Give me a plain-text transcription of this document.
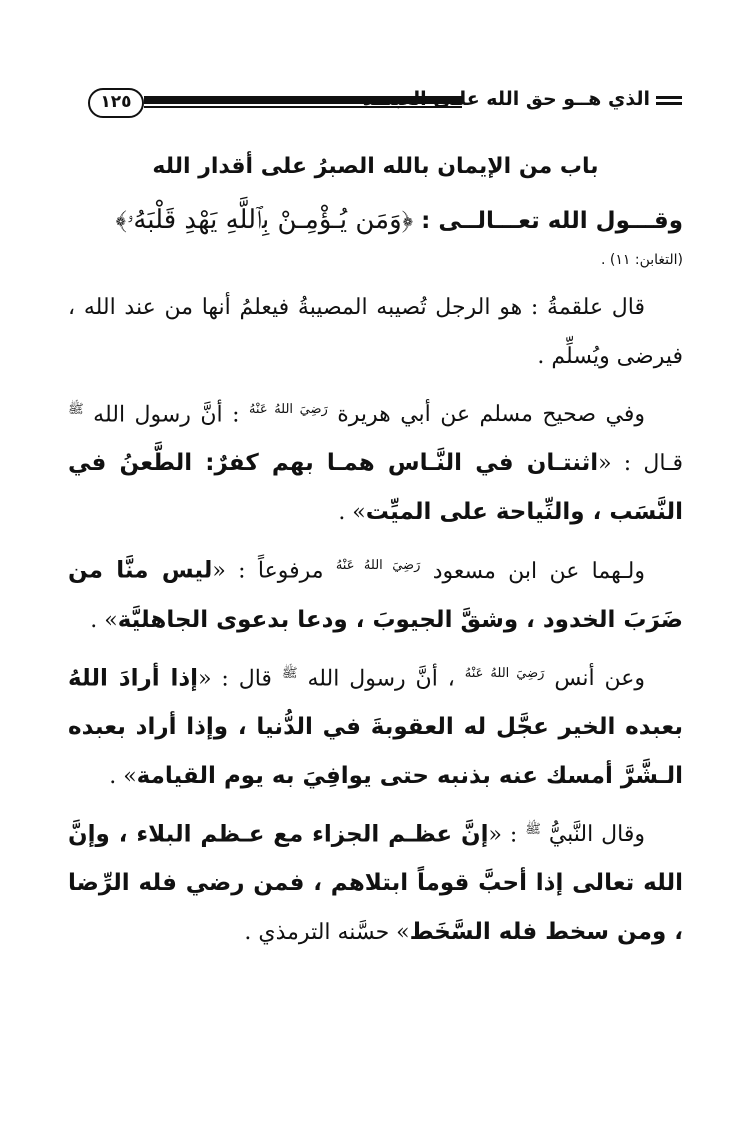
١٢٥	الذي هــو حق الله علـى العبيــد
باب من الإيمان بالله الصبرُ على أقدار الله

وقـــول الله تعـــالــى : ﴿وَمَن يُـؤْمِـنْ بِٱللَّهِ يَهْدِ قَلْبَهُۥ﴾

(التغابن: ١١) .

قال علقمةُ : هو الرجل تُصيبه المصيبةُ فيعلمُ أنها من عند الله ، فيرضى ويُسلِّم .

وفي صحيح مسلم عن أبي هريرة $^{رَضِيَ اللهُ عَنْهُ}$ : أنَّ رسول الله $^ﷺ$ قـال : «اثنتـان في النَّـاس همـا بهم كفرٌ: الطَّعنُ في النَّسَب ، والنِّياحة على الميِّت» .

ولـهما عن ابن مسعود $^{رَضِيَ اللهُ عَنْهُ}$ مرفوعاً : «ليس منَّا من ضَرَبَ الخدود ، وشقَّ الجيوبَ ، ودعا بدعوى الجاهليَّة» .

وعن أنس $^{رَضِيَ اللهُ عَنْهُ}$ ، أنَّ رسول الله $^ﷺ$ قال : «إذا أرادَ اللهُ بعبده الخير عجَّل له العقوبةَ في الدُّنيا ، وإذا أراد بعبده الـشَّرَّ أمسك عنه بذنبه حتى يوافِيَ به يوم القيامة» .

وقال النَّبيُّ $^ﷺ$ : «إنَّ عظـم الجزاء مع عـظم البلاء ، وإنَّ الله تعالى إذا أحبَّ قوماً ابتلاهم ، فمن رضي فله الرِّضا ، ومن سخط فله السَّخَط» حسَّنه الترمذي .
